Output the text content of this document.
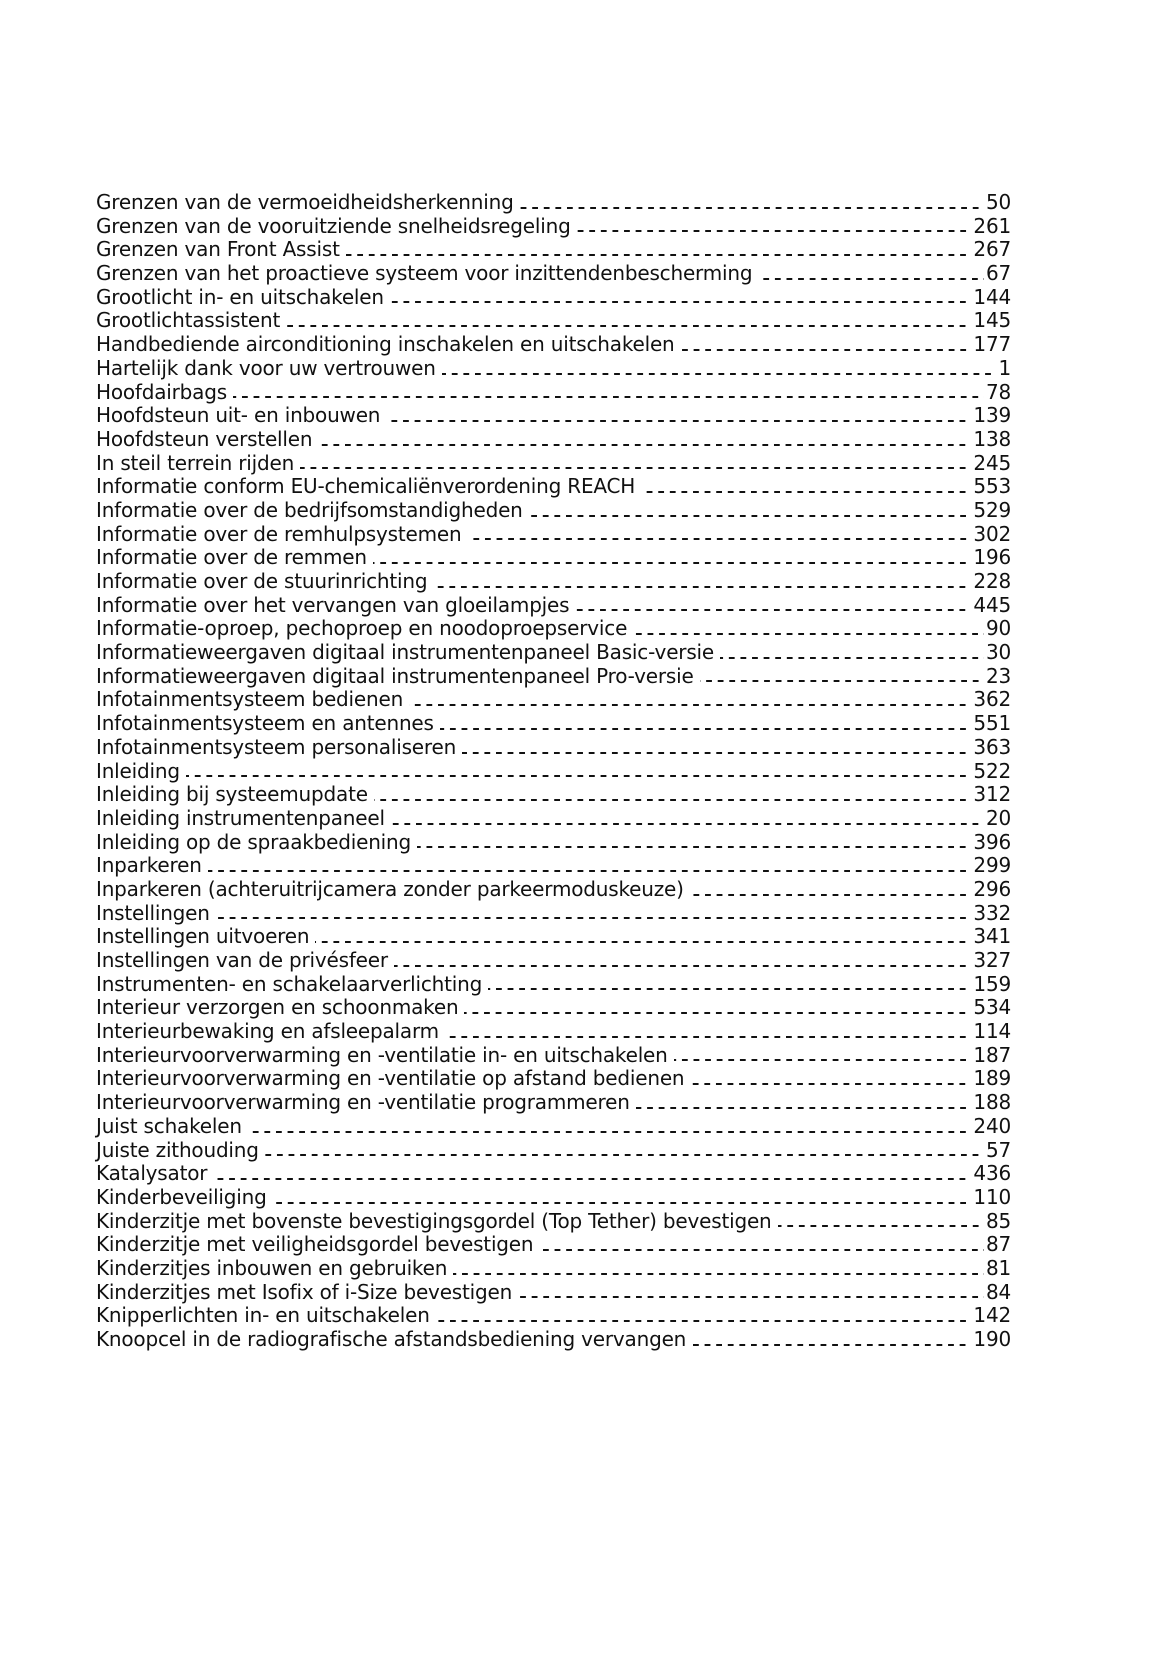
Grenzen van de vermoeidheidsherkenning	50
Grenzen van de vooruitziende snelheidsregeling	261
Grenzen van Front Assist	267
Grenzen van het proactieve systeem voor inzittendenbescherming	67
Grootlicht in- en uitschakelen	144
Grootlichtassistent	145
Handbediende airconditioning inschakelen en uitschakelen	177
Hartelijk dank voor uw vertrouwen	1
Hoofdairbags	78
Hoofdsteun uit- en inbouwen	139
Hoofdsteun verstellen	138
In steil terrein rijden	245
Informatie conform EU-chemicaliënverordening REACH	553
Informatie over de bedrijfsomstandigheden	529
Informatie over de remhulpsystemen	302
Informatie over de remmen	196
Informatie over de stuurinrichting	228
Informatie over het vervangen van gloeilampjes	445
Informatie-oproep, pechoproep en noodoproepservice	90
Informatieweergaven digitaal instrumentenpaneel Basic-versie	30
Informatieweergaven digitaal instrumentenpaneel Pro-versie	23
Infotainmentsysteem bedienen	362
Infotainmentsysteem en antennes	551
Infotainmentsysteem personaliseren	363
Inleiding	522
Inleiding bij systeemupdate	312
Inleiding instrumentenpaneel	20
Inleiding op de spraakbediening	396
Inparkeren	299
Inparkeren (achteruitrijcamera zonder parkeermoduskeuze)	296
Instellingen	332
Instellingen uitvoeren	341
Instellingen van de privésfeer	327
Instrumenten- en schakelaarverlichting	159
Interieur verzorgen en schoonmaken	534
Interieurbewaking en afsleepalarm	114
Interieurvoorverwarming en -ventilatie in- en uitschakelen	187
Interieurvoorverwarming en -ventilatie op afstand bedienen	189
Interieurvoorverwarming en -ventilatie programmeren	188
Juist schakelen	240
Juiste zithouding	57
Katalysator	436
Kinderbeveiliging	110
Kinderzitje met bovenste bevestigingsgordel (Top Tether) bevestigen	85
Kinderzitje met veiligheidsgordel bevestigen	87
Kinderzitjes inbouwen en gebruiken	81
Kinderzitjes met Isofix of i-Size bevestigen	84
Knipperlichten in- en uitschakelen	142
Knoopcel in de radiografische afstandsbediening vervangen	190
